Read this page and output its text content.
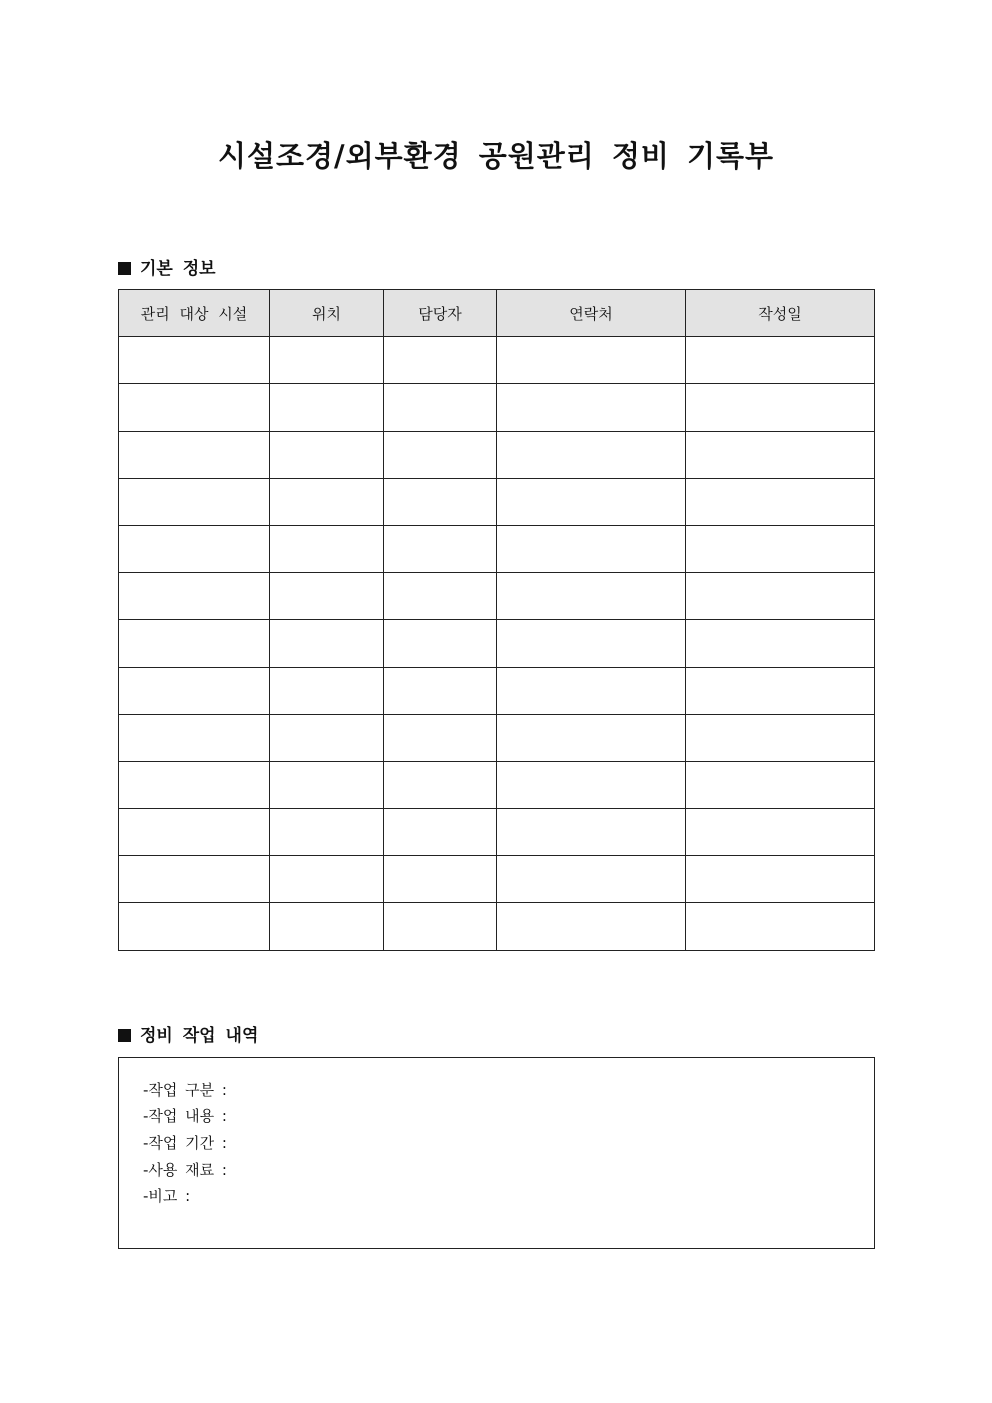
시설조경/외부환경 공원관리 정비 기록부
기본 정보
관리 대상 시설	위치	담당자	연락처	작성일

정비 작업 내역
-작업 구분 :
-작업 내용 :
-작업 기간 :
-사용 재료 :
-비고 :
